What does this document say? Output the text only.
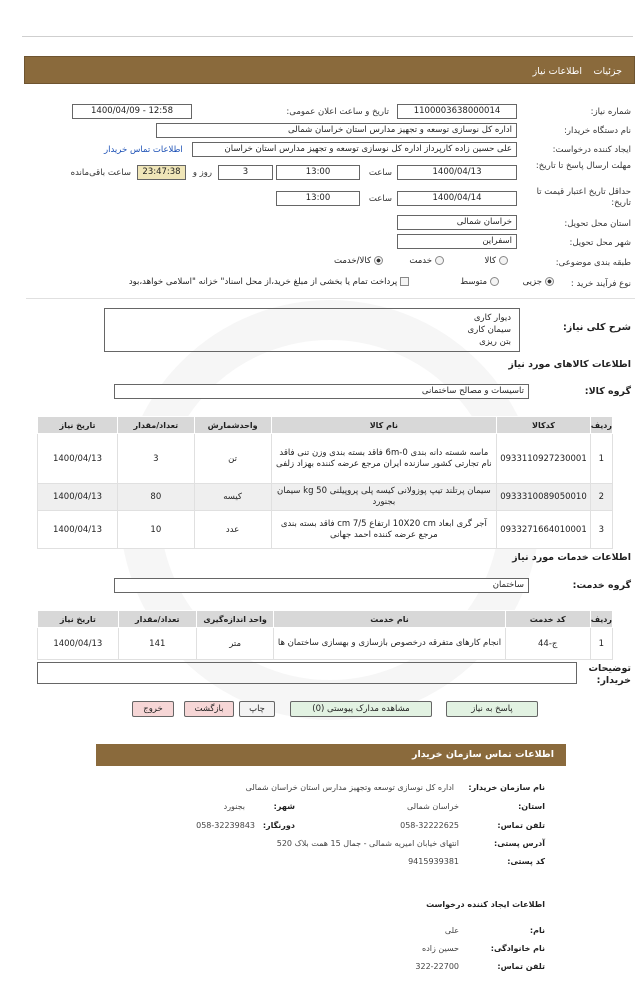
جزئیات
اطلاعات نیاز
شماره نیاز:
1100003638000014
تاریخ و ساعت اعلان عمومی:
1400/04/09 - 12:58
نام دستگاه خریدار:
اداره کل نوسازی توسعه و تجهیز مدارس استان خراسان شمالی
ایجاد کننده درخواست:
علی حسین زاده کارپرداز اداره کل نوسازی توسعه و تجهیز مدارس استان خراسان
اطلاعات تماس خریدار
مهلت ارسال پاسخ تا تاریخ:
1400/04/13
ساعت
13:00
3
روز و
23:47:38
ساعت باقی‌مانده
حداقل تاریخ اعتبار قیمت تا تاریخ:
1400/04/14
ساعت
13:00
استان محل تحویل:
خراسان شمالی
شهر محل تحویل:
اسفراین
طبقه بندی موضوعی:
کالا
خدمت
کالا/خدمت
نوع فرآیند خرید :
جزیی
متوسط
پرداخت تمام یا بخشی از مبلغ خرید،از محل اسناد" خزانه "اسلامی خواهد،بود
شرح کلی نیاز:
دیوار کاری
سیمان کاری
بتن ریزی
اطلاعات کالاهای مورد نیاز
گروه کالا:
تاسیسات و مصالح ساختمانی
ردیف	کدکالا	نام کالا	واحدشمارش	تعداد/مقدار	تاریخ نیاز
1	0933110927230001	ماسه شسته دانه بندی 0-6m فاقد بسته بندی وزن تنی فاقد نام تجارتی کشور سازنده ایران مرجع عرضه کننده بهزاد زلفی	تن	3	1400/04/13
2	0933310089050010	سیمان پرتلند تیپ پوزولانی کیسه پلی پروپیلنی 50 kg سیمان بجنورد	کیسه	80	1400/04/13
3	0933271664010001	آجر گری ابعاد 10X20 cm ارتفاع 7/5 cm فاقد بسته بندی مرجع عرضه کننده احمد جهانی	عدد	10	1400/04/13
اطلاعات خدمات مورد نیاز
گروه خدمت:
ساختمان
ردیف	کد خدمت	نام خدمت	واحد اندازه‌گیری	تعداد/مقدار	تاریخ نیاز
1	ج-44	انجام کارهای متفرقه درخصوص بازسازی و بهسازی ساختمان ها	متر	141	1400/04/13
توضیحات خریدار:
پاسخ به نیاز
مشاهده مدارک پیوستی (0)
چاپ
بازگشت
خروج
اطلاعات تماس سازمان خریدار
نام سازمان خریدار:
اداره کل نوسازی توسعه وتجهیز مدارس استان خراسان شمالی
استان:
خراسان شمالی
شهر:
بجنورد
تلفن تماس:
058-32222625
دورنگار:
058-32239843
آدرس پستی:
انتهای خیابان امیریه شمالی - جمال 15 همت بلاک 520
کد پستی:
9415939381
اطلاعات ایجاد کننده درخواست
نام:
علی
نام خانوادگی:
حسین زاده
تلفن تماس:
322-22700
